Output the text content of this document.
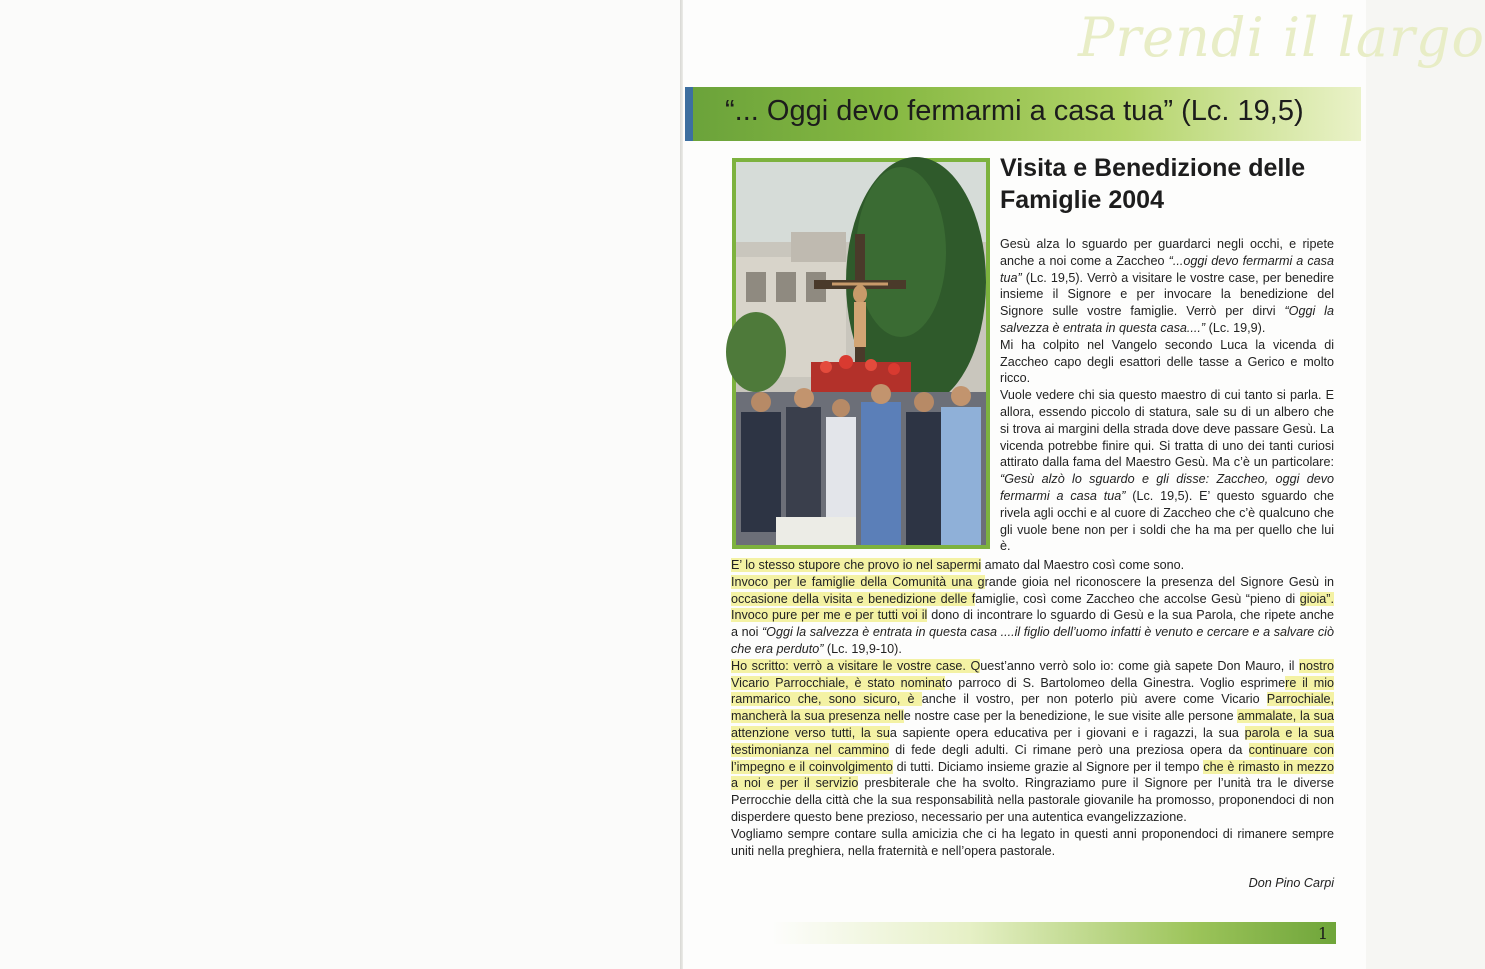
Prendi il largo
“... Oggi devo fermarmi a casa tua” (Lc. 19,5)
Visita e Benedizione delle Famiglie 2004

Gesù alza lo sguardo per guardarci negli occhi, e ripete anche a noi come a Zaccheo “...oggi devo fermarmi a casa tua” (Lc. 19,5). Verrò a visitare le vostre case, per benedire insieme il Signore e per invocare la benedizione del Signore sulle vostre famiglie. Verrò per dirvi “Oggi la salvezza è entrata in questa casa....” (Lc. 19,9).

Mi ha colpito nel Vangelo secondo Luca la vicenda di Zaccheo capo degli esattori delle tasse a Gerico e molto ricco.

Vuole vedere chi sia questo maestro di cui tanto si parla. E allora, essendo piccolo di statura, sale su di un albero che si trova ai margini della strada dove deve passare Gesù. La vicenda potrebbe finire qui. Si tratta di uno dei tanti curiosi attirato dalla fama del Maestro Gesù. Ma c’è un particolare: “Gesù alzò lo sguardo e gli disse: Zaccheo, oggi devo fermarmi a casa tua” (Lc. 19,5). E’ questo sguardo che rivela agli occhi e al cuore di Zaccheo che c’è qualcuno che gli vuole bene non per i soldi che ha ma per quello che lui è.

E’ lo stesso stupore che provo io nel sapermi amato dal Maestro così come sono.

Invoco per le famiglie della Comunità una grande gioia nel riconoscere la presenza del Signore Gesù in occasione della visita e benedizione delle famiglie, così come Zaccheo che accolse Gesù “pieno di gioia”. Invoco pure per me e per tutti voi il dono di incontrare lo sguardo di Gesù e la sua Parola, che ripete anche a noi “Oggi la salvezza è entrata in questa casa ....il figlio dell’uomo infatti è venuto e cercare e a salvare ciò che era perduto” (Lc. 19,9-10).

Ho scritto: verrò a visitare le vostre case. Quest’anno verrò solo io: come già sapete Don Mauro, il nostro Vicario Parrocchiale, è stato nominato parroco di S. Bartolomeo della Ginestra. Voglio esprimere il mio rammarico che, sono sicuro, è anche il vostro, per non poterlo più avere come Vicario Parrochiale, mancherà la sua presenza nelle nostre case per la benedizione, le sue visite alle persone ammalate, la sua attenzione verso tutti, la sua sapiente opera educativa per i giovani e i ragazzi, la sua parola e la sua testimonianza nel cammino di fede degli adulti. Ci rimane però una preziosa opera da continuare con l’impegno e il coinvolgimento di tutti. Diciamo insieme grazie al Signore per il tempo che è rimasto in mezzo a noi e per il servizio presbiterale che ha svolto. Ringraziamo pure il Signore per l’unità tra le diverse Perrocchie della città che la sua responsabilità nella pastorale giovanile ha promosso, proponendoci di non disperdere questo bene prezioso, necessario per una autentica evangelizzazione.

Vogliamo sempre contare sulla amicizia che ci ha legato in questi anni proponendoci di rimanere sempre uniti nella preghiera, nella fraternità e nell’opera pastorale.

Don Pino Carpi
1
